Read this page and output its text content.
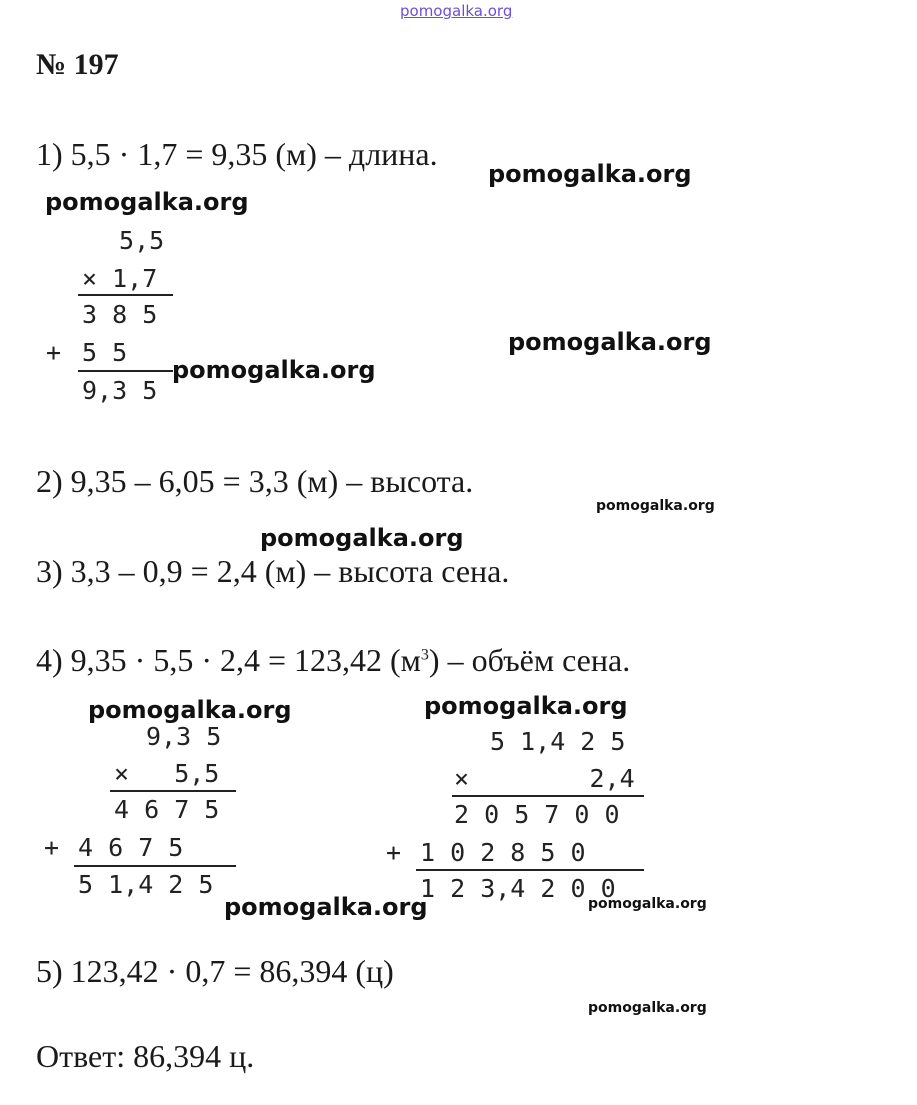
pomogalka.org
№ 197
1) 5,5 · 1,7 = 9,35 (м) – длина.
pomogalka.org
pomogalka.org
5,5
× 1,7
3 8 5
+ 5 5
9,3 5
pomogalka.org
pomogalka.org
2) 9,35 – 6,05 = 3,3 (м) – высота.
pomogalka.org
pomogalka.org
3) 3,3 – 0,9 = 2,4 (м) – высота сена.
4) 9,35 · 5,5 · 2,4 = 123,42 $(м^3)$ – объём сена.
pomogalka.org	pomogalka.org
9,3 5
×   5,5
4 6 7 5
+ 4 6 7 5
5 1,4 2 5
5 1,4 2 5
×        2,4
2 0 5 7 0 0
+ 1 0 2 8 5 0
1 2 3,4 2 0 0
pomogalka.org	pomogalka.org
5) 123,42 · 0,7 = 86,394 (ц)
pomogalka.org
Ответ: 86,394 ц.
